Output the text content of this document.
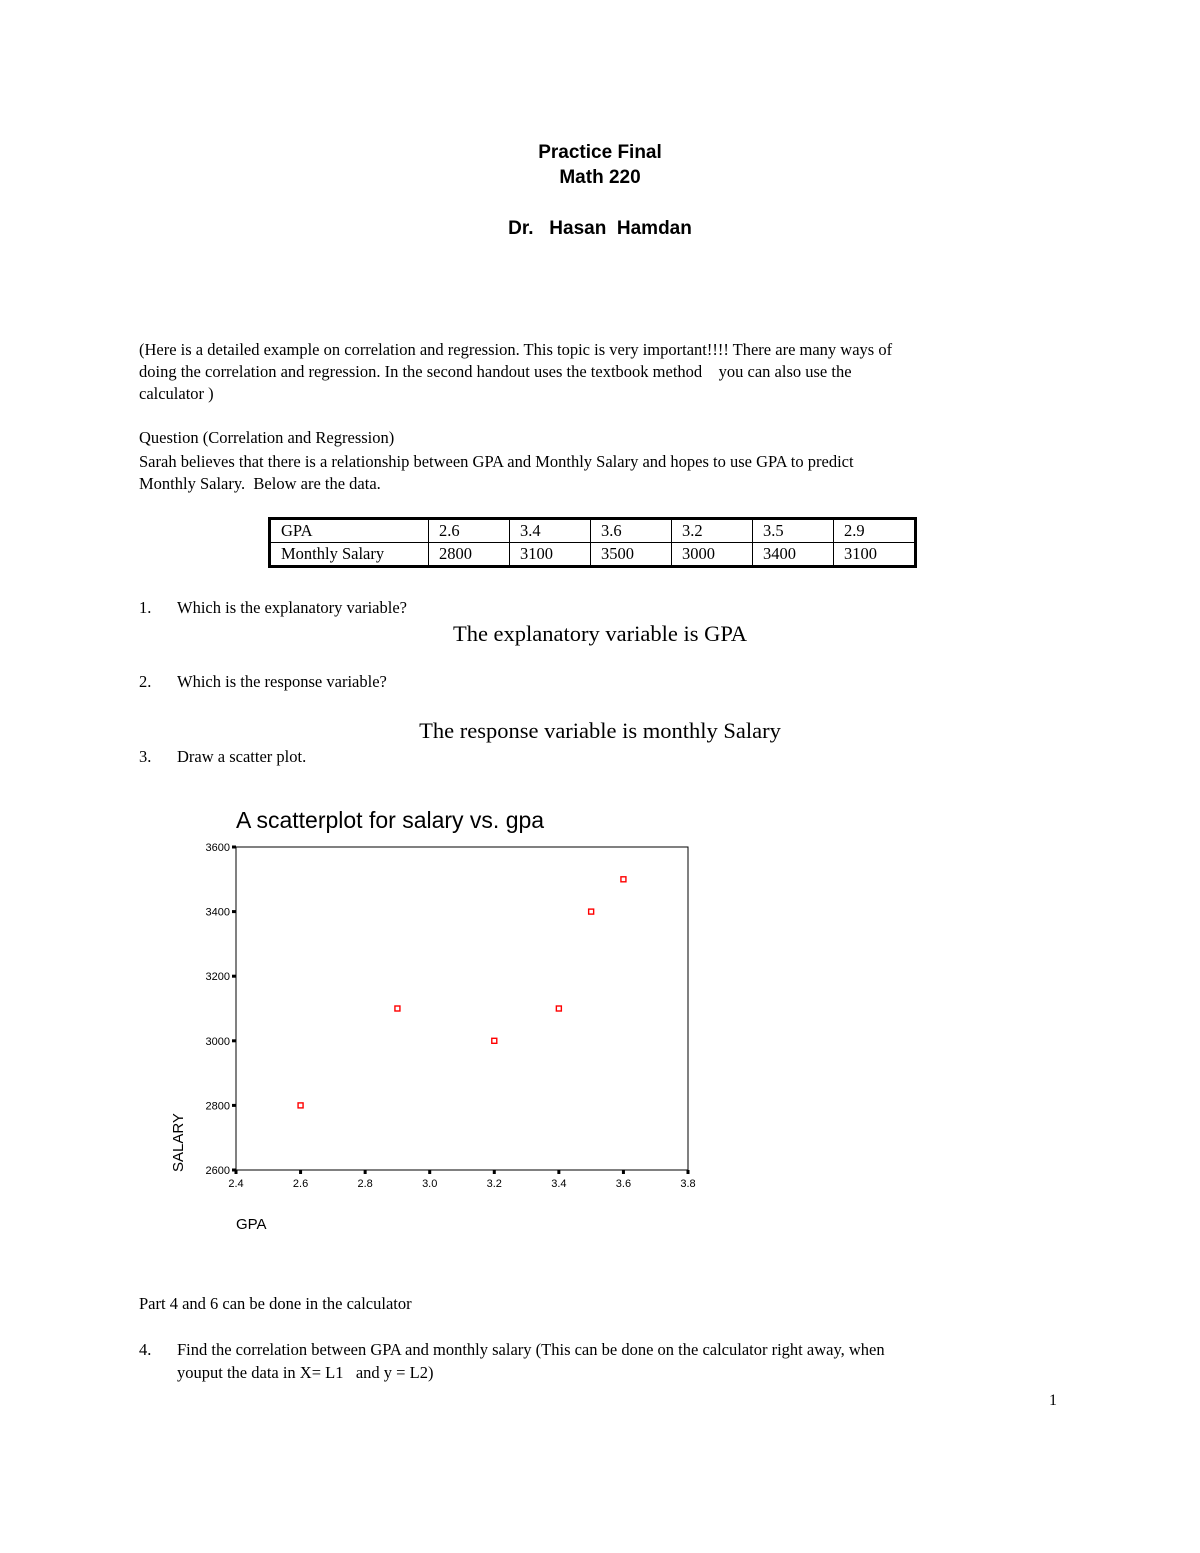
Practice Final
Math 220
Dr.   Hasan  Hamdan
(Here is a detailed example on correlation and regression. This topic is very important!!!! There are many ways of
doing the correlation and regression. In the second handout uses the textbook method    you can also use the
calculator )
Question (Correlation and Regression)
Sarah believes that there is a relationship between GPA and Monthly Salary and hopes to use GPA to predict
Monthly Salary.  Below are the data.
GPA	2.6	3.4	3.6	3.2	3.5	2.9
Monthly Salary	2800	3100	3500	3000	3400	3100
1.	Which is the explanatory variable?
The explanatory variable is GPA
2.	Which is the response variable?
The response variable is monthly Salary
3.	Draw a scatter plot.
A scatterplot for salary vs. gpa
2600
2800
3000
3200
3400
3600
2.4	2.6	2.8	3.0	3.2	3.4	3.6	3.8
SALARY
GPA
Part 4 and 6 can be done in the calculator
4.	Find the correlation between GPA and monthly salary (This can be done on the calculator right away, when
youput the data in X= L1   and y = L2)
1
